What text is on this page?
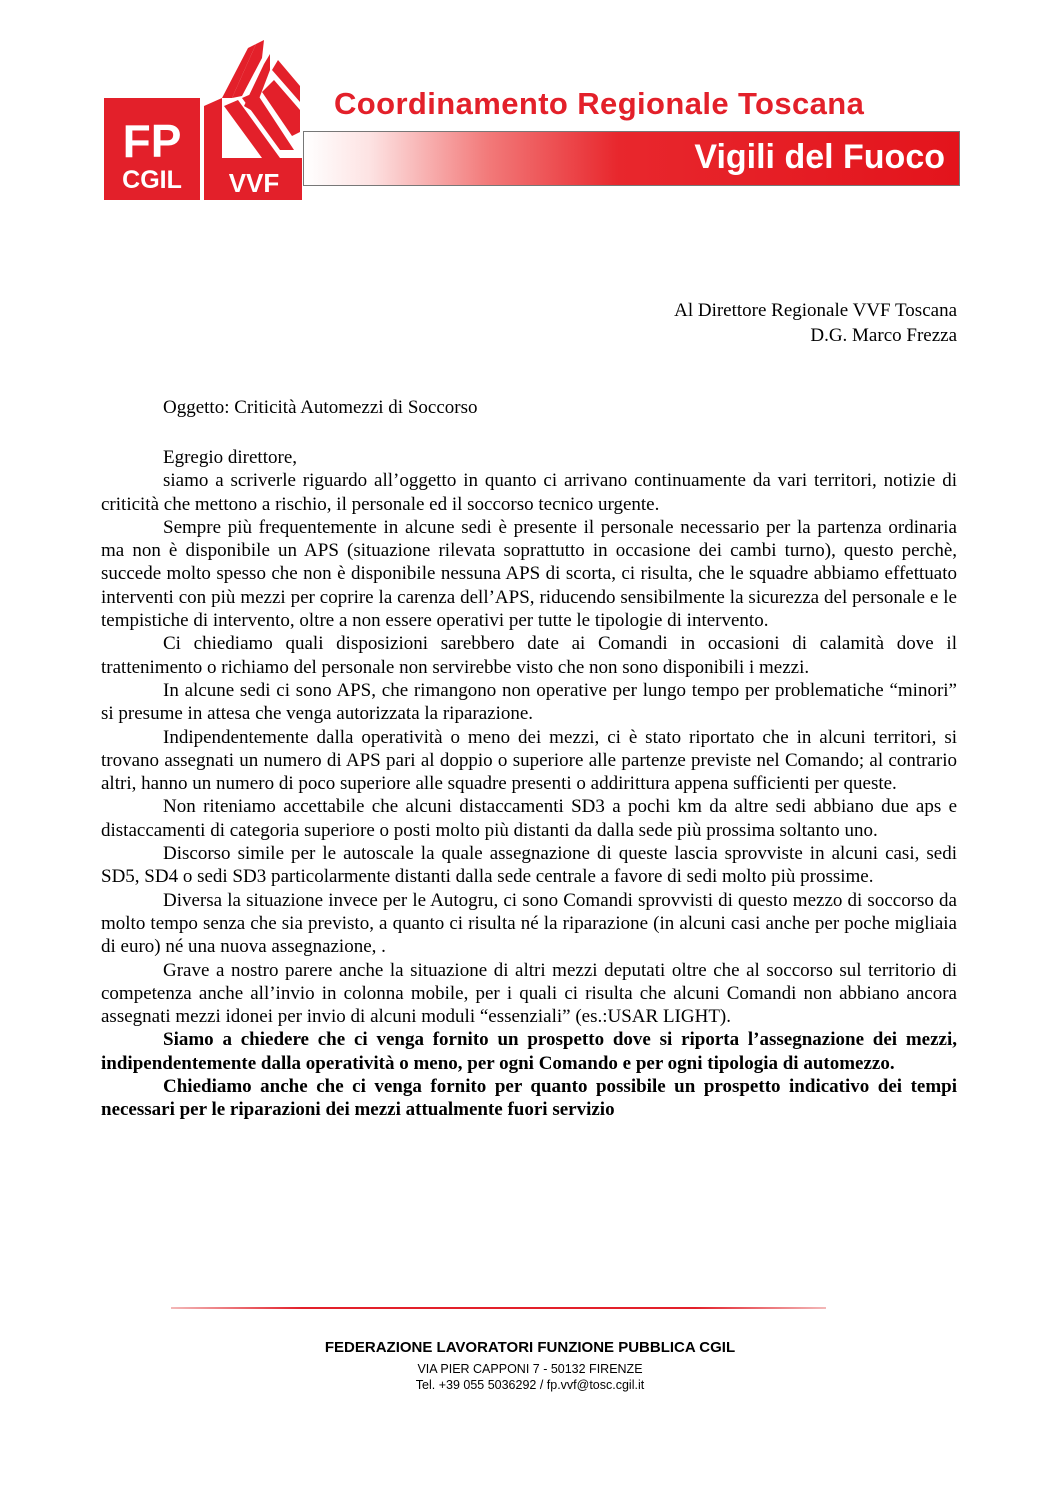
FP
CGIL VVF
Coordinamento Regionale Toscana
Vigili del Fuoco
Al Direttore Regionale VVF Toscana
D.G. Marco Frezza
Oggetto: Criticità Automezzi di Soccorso

Egregio direttore,

siamo a scriverle riguardo all’oggetto in quanto ci arrivano continuamente da vari territori, notizie di criticità che mettono a rischio, il personale ed il soccorso tecnico urgente.

Sempre più frequentemente in alcune sedi è presente il personale necessario per la partenza ordinaria ma non è disponibile un APS (situazione rilevata soprattutto in occasione dei cambi turno), questo perchè, succede molto spesso che non è disponibile nessuna APS di scorta, ci risulta, che le squadre abbiamo effettuato interventi con più mezzi per coprire la carenza dell’APS, riducendo sensibilmente la sicurezza del personale e le tempistiche di intervento, oltre a non essere operativi per tutte le tipologie di intervento.

Ci chiediamo quali disposizioni sarebbero date ai Comandi in occasioni di calamità dove il trattenimento o richiamo del personale non servirebbe visto che non sono disponibili i mezzi.

In alcune sedi ci sono APS, che rimangono non operative per lungo tempo per problematiche “minori” si presume in attesa che venga autorizzata la riparazione.

Indipendentemente dalla operatività o meno dei mezzi, ci è stato riportato che in alcuni territori, si trovano assegnati un numero di APS pari al doppio o superiore alle partenze previste nel Comando; al contrario altri, hanno un numero di poco superiore alle squadre presenti o addirittura appena sufficienti per queste.

Non riteniamo accettabile che alcuni distaccamenti SD3 a pochi km da altre sedi abbiano due aps e distaccamenti di categoria superiore o posti molto più distanti da dalla sede più prossima soltanto uno.

Discorso simile per le autoscale la quale assegnazione di queste lascia sprovviste in alcuni casi, sedi SD5, SD4 o sedi SD3 particolarmente distanti dalla sede centrale a favore di sedi molto più prossime.

Diversa la situazione invece per le Autogru, ci sono Comandi sprovvisti di questo mezzo di soccorso da molto tempo senza che sia previsto, a quanto ci risulta né la riparazione (in alcuni casi anche per poche migliaia di euro) né una nuova assegnazione, .

Grave a nostro parere anche la situazione di altri mezzi deputati oltre che al soccorso sul territorio di competenza anche all’invio in colonna mobile, per i quali ci risulta che alcuni Comandi non abbiano ancora assegnati mezzi idonei per invio di alcuni moduli “essenziali” (es.:USAR LIGHT).

Siamo a chiedere che ci venga fornito un prospetto dove si riporta l’assegnazione dei mezzi, indipendentemente dalla operatività o meno, per ogni Comando e per ogni tipologia di automezzo.

Chiediamo anche che ci venga fornito per quanto possibile un prospetto indicativo dei tempi necessari per le riparazioni dei mezzi attualmente fuori servizio

FEDERAZIONE LAVORATORI FUNZIONE PUBBLICA CGIL
VIA PIER CAPPONI 7 - 50132 FIRENZE
Tel. +39 055 5036292 / fp.vvf@tosc.cgil.it
